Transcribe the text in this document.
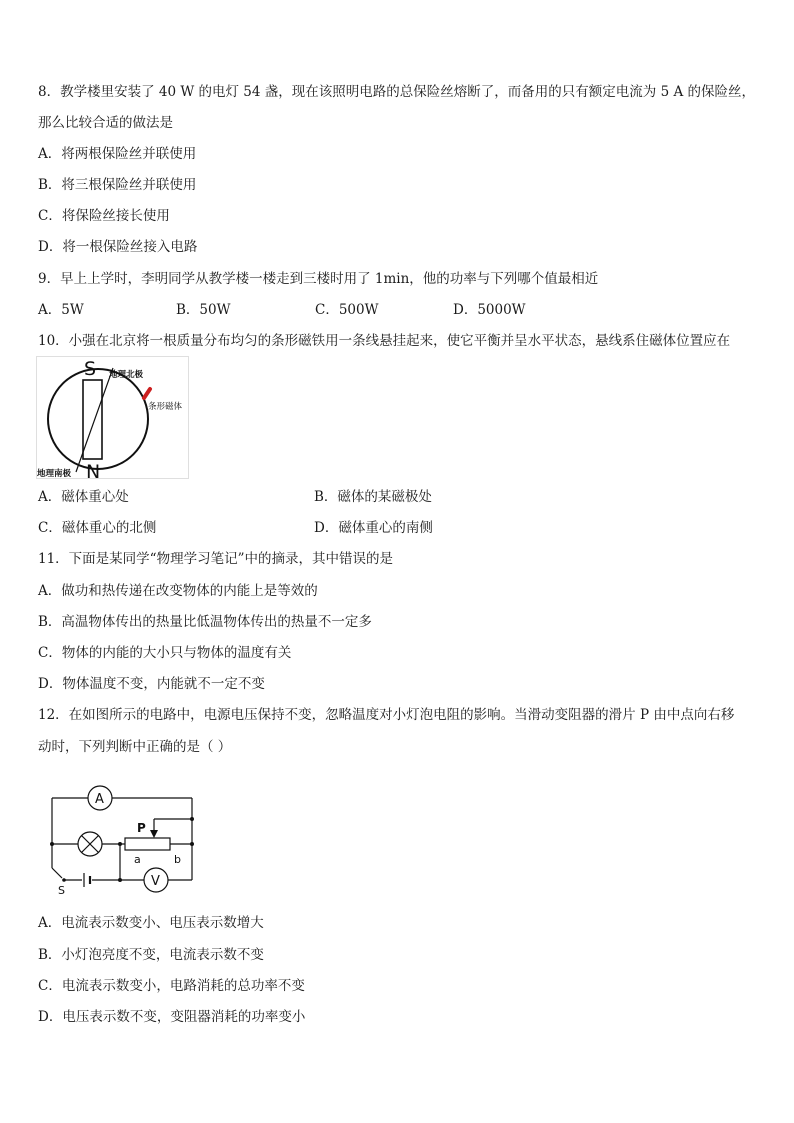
8．教学楼里安装了 40 W 的电灯 54 盏，现在该照明电路的总保险丝熔断了，而备用的只有额定电流为 5 A 的保险丝，
那么比较合适的做法是
A．将两根保险丝并联使用
B．将三根保险丝并联使用
C．将保险丝接长使用
D．将一根保险丝接入电路
9．早上上学时，李明同学从教学楼一楼走到三楼时用了 1min，他的功率与下列哪个值最相近
A．5W	B．50W	C．500W	D．5000W
10．小强在北京将一根质量分布均匀的条形磁铁用一条线悬挂起来，使它平衡并呈水平状态，悬线系住磁体位置应在
S
N
地理北极
条形磁体
地理南极
A．磁体重心处	B．磁体的某磁极处
C．磁体重心的北侧	D．磁体重心的南侧
11．下面是某同学“物理学习笔记”中的摘录，其中错误的是
A．做功和热传递在改变物体的内能上是等效的
B．高温物体传出的热量比低温物体传出的热量不一定多
C．物体的内能的大小只与物体的温度有关
D．物体温度不变，内能就不一定不变
12．在如图所示的电路中，电源电压保持不变，忽略温度对小灯泡电阻的影响。当滑动变阻器的滑片 P 由中点向右移
动时，下列判断中正确的是（ ）
A
P
a	b
S
V
A．电流表示数变小、电压表示数增大
B．小灯泡亮度不变，电流表示数不变
C．电流表示数变小，电路消耗的总功率不变
D．电压表示数不变，变阻器消耗的功率变小
